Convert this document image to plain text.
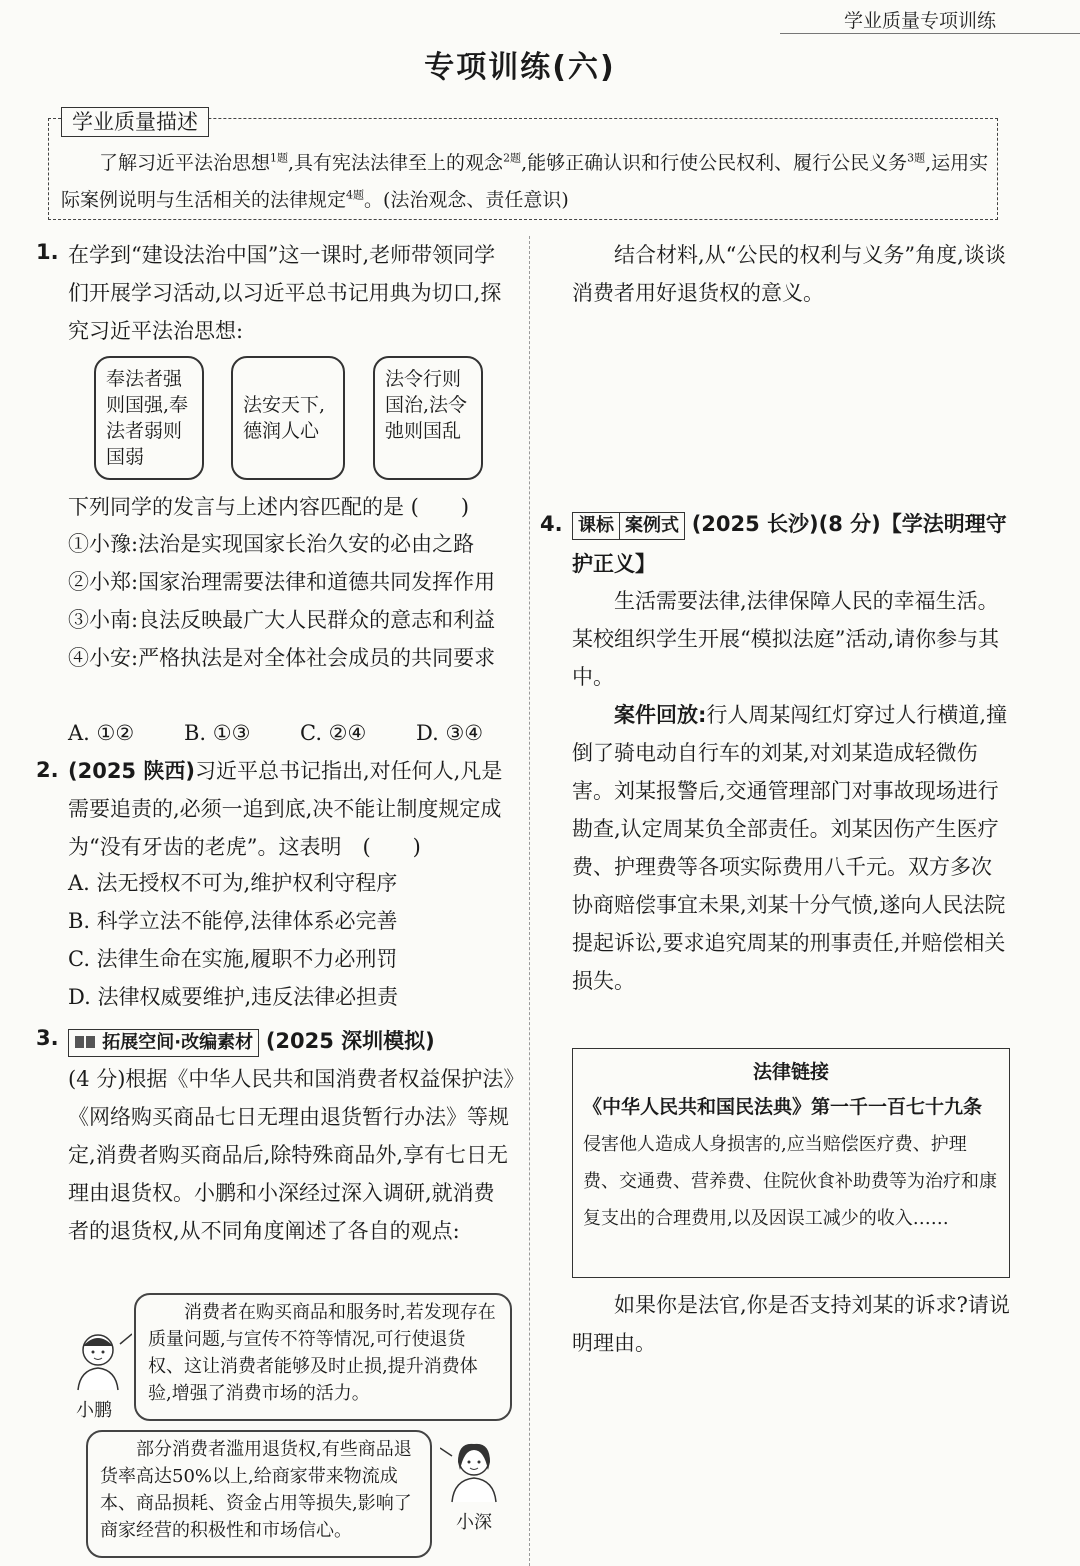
学业质量专项训练
专项训练(六)
学业质量描述
了解习近平法治思想$^{1题}$,具有宪法法律至上的观念$^{2题}$,能够正确认识和行使公民权利、履行公民义务$^{3题}$,运用实际案例说明与生活相关的法律规定$^{4题}$。(法治观念、责任意识)
1. 在学到“建设法治中国”这一课时,老师带领同学们开展学习活动,以习近平总书记用典为切口,探究习近平法治思想:
奉法者强则国强,奉法者弱则国弱
法安天下,德润人心
法令行则国治,法令弛则国乱
下列同学的发言与上述内容匹配的是 (　　)
①小豫:法治是实现国家长治久安的必由之路　②小郑:国家治理需要法律和道德共同发挥作用　③小南:良法反映最广大人民群众的意志和利益　④小安:严格执法是对全体社会成员的共同要求
A. ①② B. ①③ C. ②④ D. ③④
2. (2025 陕西)习近平总书记指出,对任何人,凡是需要追责的,必须一追到底,决不能让制度规定成为“没有牙齿的老虎”。这表明　(　　)
A. 法无授权不可为,维护权利守程序
B. 科学立法不能停,法律体系必完善
C. 法律生命在实施,履职不力必刑罚
D. 法律权威要维护,违反法律必担责
3.	拓展空间·改编素材 (2025 深圳模拟)
(4 分)根据《中华人民共和国消费者权益保护法》《网络购买商品七日无理由退货暂行办法》等规定,消费者购买商品后,除特殊商品外,享有七日无理由退货权。小鹏和小深经过深入调研,就消费者的退货权,从不同角度阐述了各自的观点:
消费者在购买商品和服务时,若发现存在质量问题,与宣传不符等情况,可行使退货权、这让消费者能够及时止损,提升消费体验,增强了消费市场的活力。
小鹏
部分消费者滥用退货权,有些商品退货率高达50%以上,给商家带来物流成本、商品损耗、资金占用等损失,影响了商家经营的积极性和市场信心。	小深
结合材料,从“公民的权利与义务”角度,谈谈消费者用好退货权的意义。
4. 课标 案例式 (2025 长沙)(8 分)【学法明理守护正义】
生活需要法律,法律保障人民的幸福生活。某校组织学生开展“模拟法庭”活动,请你参与其中。
案件回放:行人周某闯红灯穿过人行横道,撞倒了骑电动自行车的刘某,对刘某造成轻微伤害。刘某报警后,交通管理部门对事故现场进行勘查,认定周某负全部责任。刘某因伤产生医疗费、护理费等各项实际费用八千元。双方多次协商赔偿事宜未果,刘某十分气愤,遂向人民法院提起诉讼,要求追究周某的刑事责任,并赔偿相关损失。
法律链接
《中华人民共和国民法典》第一千一百七十九条　侵害他人造成人身损害的,应当赔偿医疗费、护理费、交通费、营养费、住院伙食补助费等为治疗和康复支出的合理费用,以及因误工减少的收入……
如果你是法官,你是否支持刘某的诉求?请说明理由。
